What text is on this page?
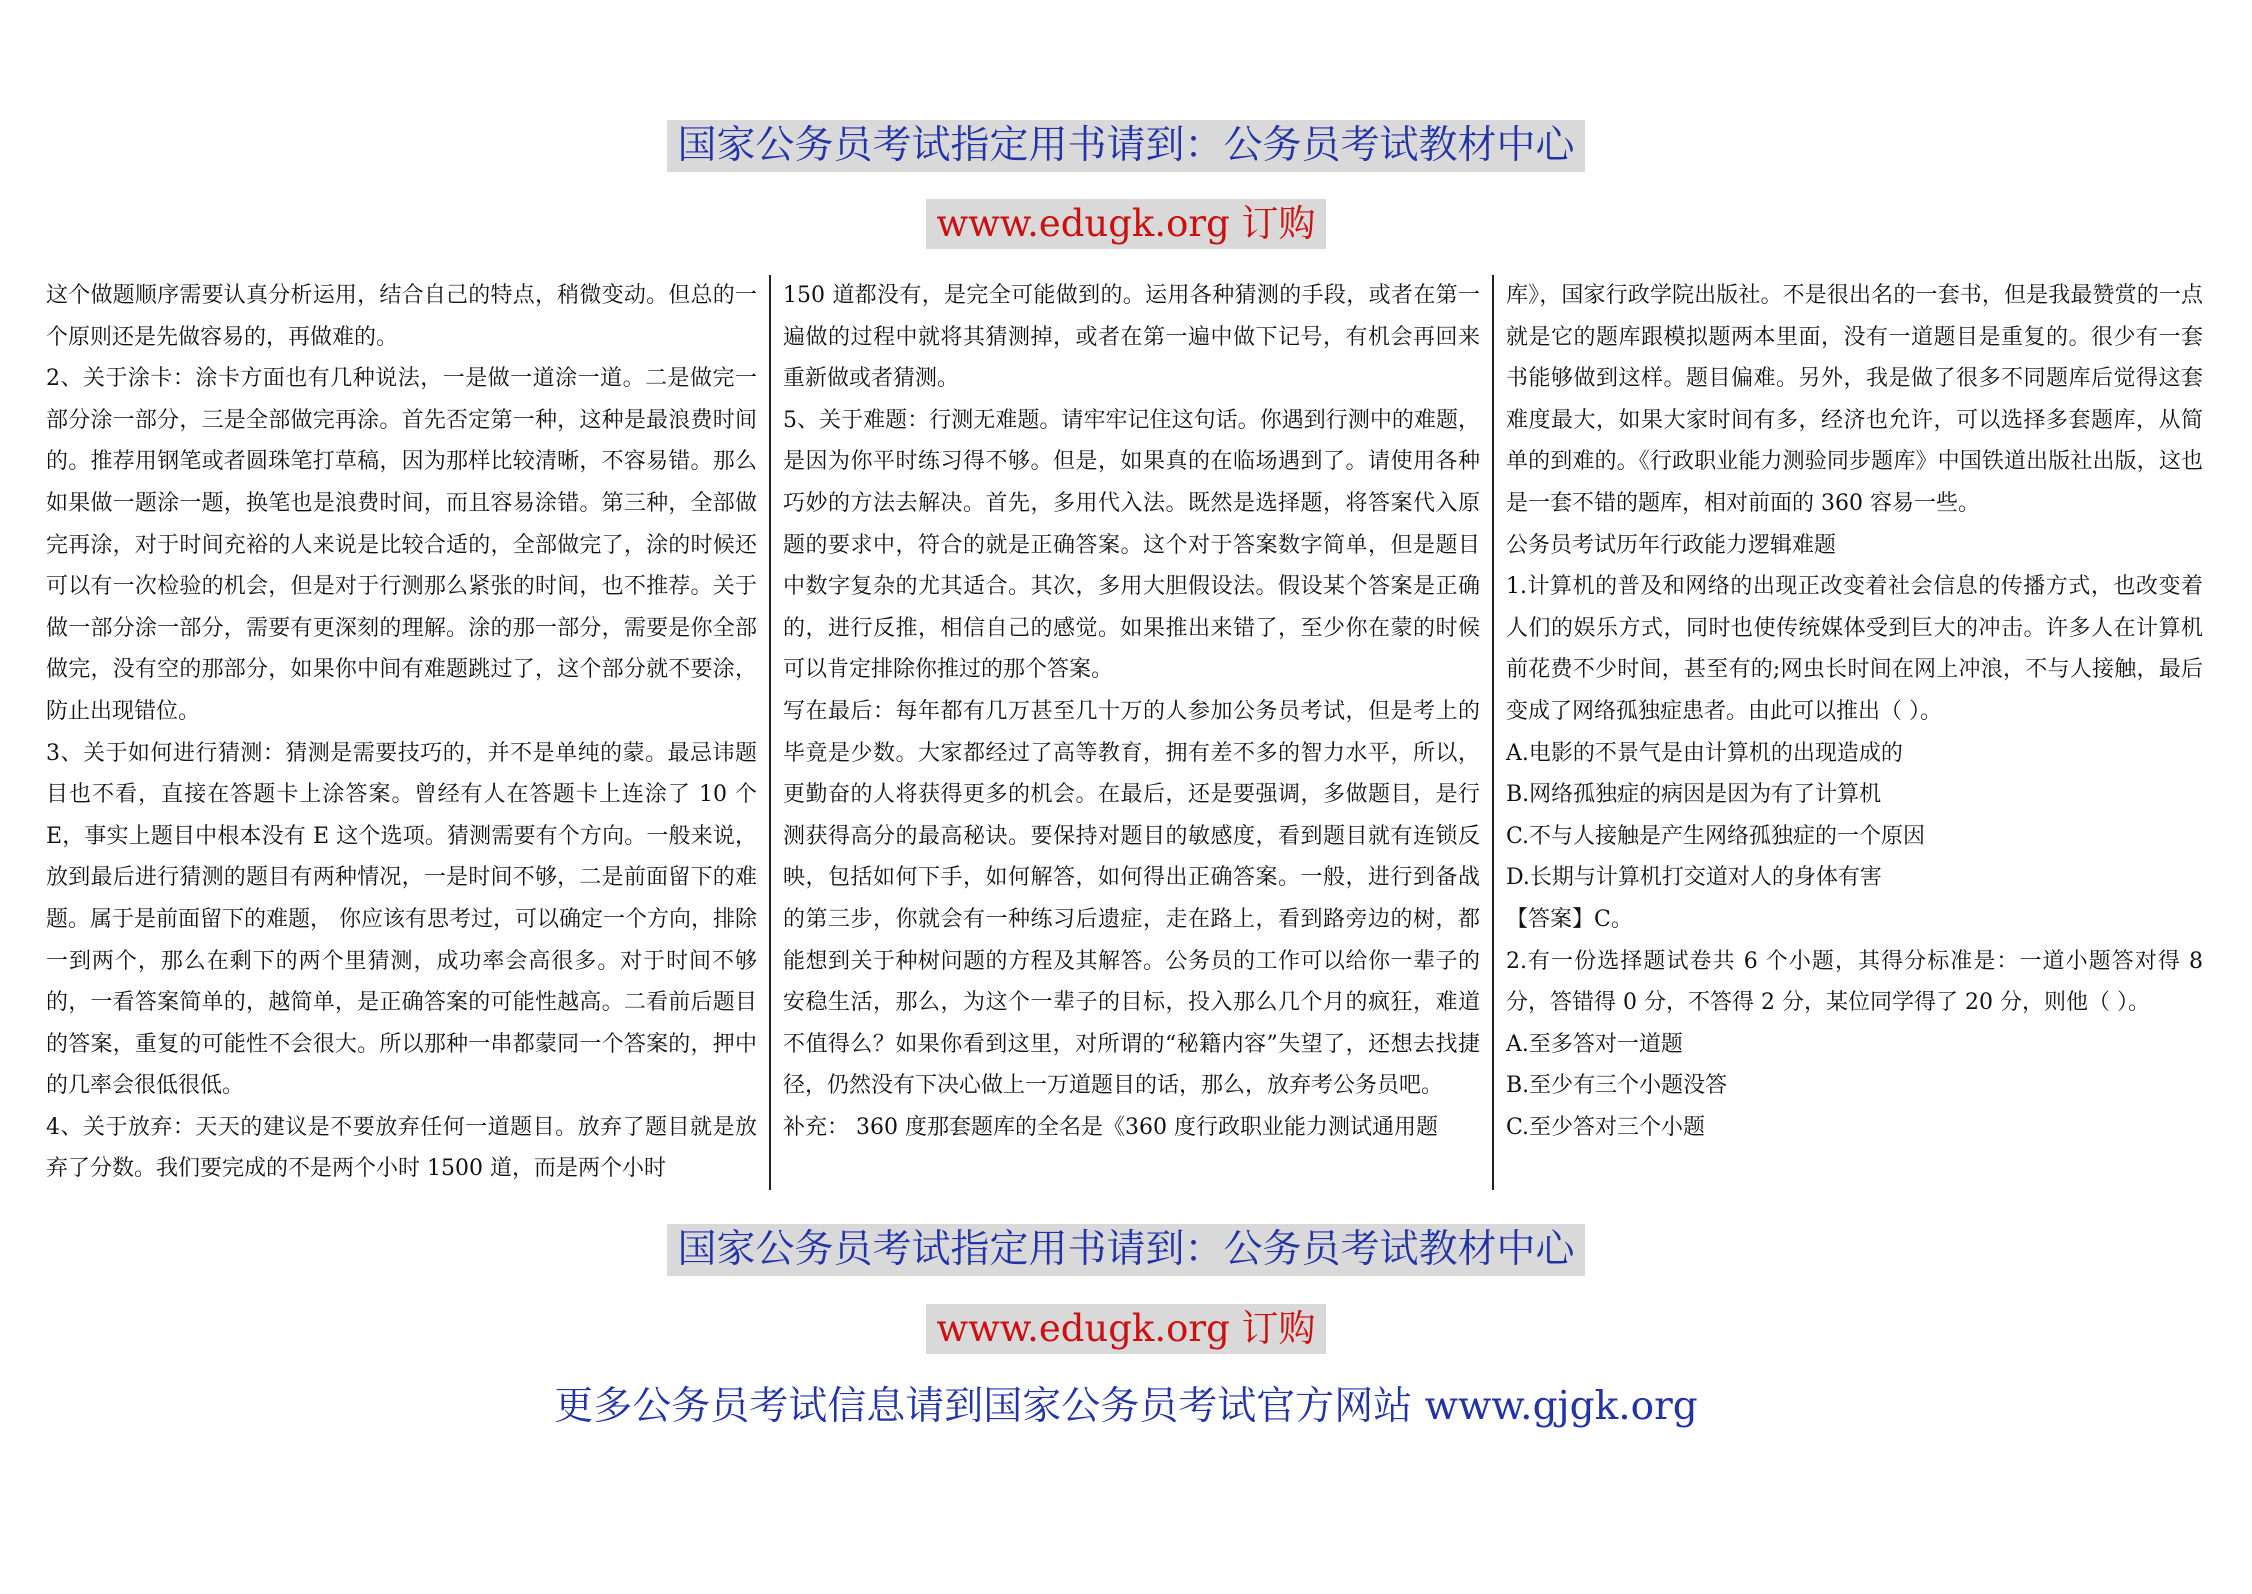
国家公务员考试指定用书请到：公务员考试教材中心
www.edugk.org 订购

这个做题顺序需要认真分析运用，结合自己的特点，稍微变动。但总的一个原则还是先做容易的，再做难的。

2、关于涂卡：涂卡方面也有几种说法，一是做一道涂一道。二是做完一部分涂一部分，三是全部做完再涂。首先否定第一种，这种是最浪费时间的。推荐用钢笔或者圆珠笔打草稿，因为那样比较清晰，不容易错。那么如果做一题涂一题，换笔也是浪费时间，而且容易涂错。第三种，全部做完再涂，对于时间充裕的人来说是比较合适的，全部做完了，涂的时候还可以有一次检验的机会，但是对于行测那么紧张的时间，也不推荐。关于做一部分涂一部分，需要有更深刻的理解。涂的那一部分，需要是你全部做完，没有空的那部分，如果你中间有难题跳过了，这个部分就不要涂，防止出现错位。

3、关于如何进行猜测：猜测是需要技巧的，并不是单纯的蒙。最忌讳题目也不看，直接在答题卡上涂答案。曾经有人在答题卡上连涂了 10 个 E，事实上题目中根本没有 E 这个选项。猜测需要有个方向。一般来说，放到最后进行猜测的题目有两种情况，一是时间不够，二是前面留下的难题。属于是前面留下的难题， 你应该有思考过，可以确定一个方向，排除一到两个，那么在剩下的两个里猜测，成功率会高很多。对于时间不够的，一看答案简单的，越简单，是正确答案的可能性越高。二看前后题目的答案，重复的可能性不会很大。所以那种一串都蒙同一个答案的，押中的几率会很低很低。

4、关于放弃：天天的建议是不要放弃任何一道题目。放弃了题目就是放弃了分数。我们要完成的不是两个小时 1500 道，而是两个小时

150 道都没有，是完全可能做到的。运用各种猜测的手段，或者在第一遍做的过程中就将其猜测掉，或者在第一遍中做下记号，有机会再回来重新做或者猜测。

5、关于难题：行测无难题。请牢牢记住这句话。你遇到行测中的难题，是因为你平时练习得不够。但是，如果真的在临场遇到了。请使用各种巧妙的方法去解决。首先，多用代入法。既然是选择题，将答案代入原题的要求中，符合的就是正确答案。这个对于答案数字简单，但是题目中数字复杂的尤其适合。其次，多用大胆假设法。假设某个答案是正确的，进行反推，相信自己的感觉。如果推出来错了，至少你在蒙的时候可以肯定排除你推过的那个答案。

写在最后：每年都有几万甚至几十万的人参加公务员考试，但是考上的毕竟是少数。大家都经过了高等教育，拥有差不多的智力水平，所以，更勤奋的人将获得更多的机会。在最后，还是要强调，多做题目，是行测获得高分的最高秘诀。要保持对题目的敏感度，看到题目就有连锁反映，包括如何下手，如何解答，如何得出正确答案。一般，进行到备战的第三步，你就会有一种练习后遗症，走在路上，看到路旁边的树，都能想到关于种树问题的方程及其解答。公务员的工作可以给你一辈子的安稳生活，那么，为这个一辈子的目标，投入那么几个月的疯狂，难道不值得么？如果你看到这里，对所谓的“秘籍内容”失望了，还想去找捷径，仍然没有下决心做上一万道题目的话，那么，放弃考公务员吧。

补充： 360 度那套题库的全名是《360 度行政职业能力测试通用题

库》，国家行政学院出版社。不是很出名的一套书，但是我最赞赏的一点就是它的题库跟模拟题两本里面，没有一道题目是重复的。很少有一套书能够做到这样。题目偏难。另外，我是做了很多不同题库后觉得这套难度最大，如果大家时间有多，经济也允许，可以选择多套题库，从简单的到难的。《行政职业能力测验同步题库》中国铁道出版社出版，这也是一套不错的题库，相对前面的 360 容易一些。

公务员考试历年行政能力逻辑难题

1.计算机的普及和网络的出现正改变着社会信息的传播方式，也改变着人们的娱乐方式，同时也使传统媒体受到巨大的冲击。许多人在计算机前花费不少时间，甚至有的;网虫长时间在网上冲浪，不与人接触，最后变成了网络孤独症患者。由此可以推出（ ）。

A.电影的不景气是由计算机的出现造成的

B.网络孤独症的病因是因为有了计算机

C.不与人接触是产生网络孤独症的一个原因

D.长期与计算机打交道对人的身体有害

【答案】C。

2.有一份选择题试卷共 6 个小题，其得分标准是：一道小题答对得 8 分，答错得 0 分，不答得 2 分，某位同学得了 20 分，则他（ ）。

A.至多答对一道题

B.至少有三个小题没答

C.至少答对三个小题

国家公务员考试指定用书请到：公务员考试教材中心
www.edugk.org 订购
更多公务员考试信息请到国家公务员考试官方网站 www.gjgk.org
